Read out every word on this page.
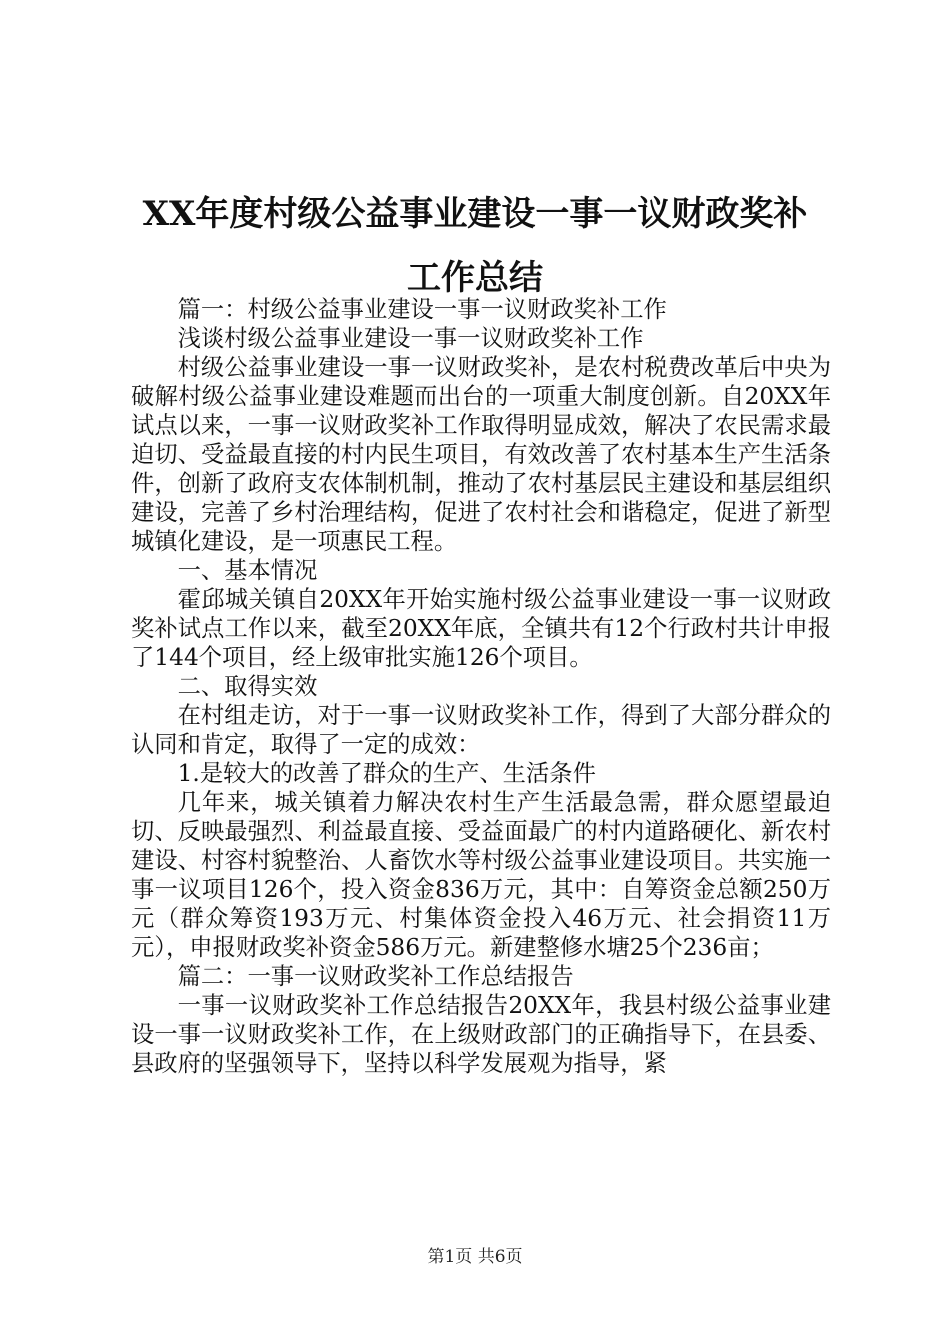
XX年度村级公益事业建设一事一议财政奖补
工作总结

篇一：村级公益事业建设一事一议财政奖补工作

浅谈村级公益事业建设一事一议财政奖补工作

村级公益事业建设一事一议财政奖补，是农村税费改革后中央为破解村级公益事业建设难题而出台的一项重大制度创新。自20XX年试点以来，一事一议财政奖补工作取得明显成效，解决了农民需求最迫切、受益最直接的村内民生项目，有效改善了农村基本生产生活条件，创新了政府支农体制机制，推动了农村基层民主建设和基层组织建设，完善了乡村治理结构，促进了农村社会和谐稳定，促进了新型城镇化建设，是一项惠民工程。

一、基本情况

霍邱城关镇自20XX年开始实施村级公益事业建设一事一议财政奖补试点工作以来，截至20XX年底，全镇共有12个行政村共计申报了144个项目，经上级审批实施126个项目。

二、取得实效

在村组走访，对于一事一议财政奖补工作，得到了大部分群众的认同和肯定，取得了一定的成效：

1.是较大的改善了群众的生产、生活条件

几年来，城关镇着力解决农村生产生活最急需，群众愿望最迫切、反映最强烈、利益最直接、受益面最广的村内道路硬化、新农村建设、村容村貌整治、人畜饮水等村级公益事业建设项目。共实施一事一议项目126个，投入资金836万元，其中：自筹资金总额250万元（群众筹资193万元、村集体资金投入46万元、社会捐资11万元），申报财政奖补资金586万元。新建整修水塘25个236亩；

篇二：一事一议财政奖补工作总结报告

一事一议财政奖补工作总结报告20XX年，我县村级公益事业建设一事一议财政奖补工作，在上级财政部门的正确指导下，在县委、县政府的坚强领导下，坚持以科学发展观为指导，紧

第1页 共6页
